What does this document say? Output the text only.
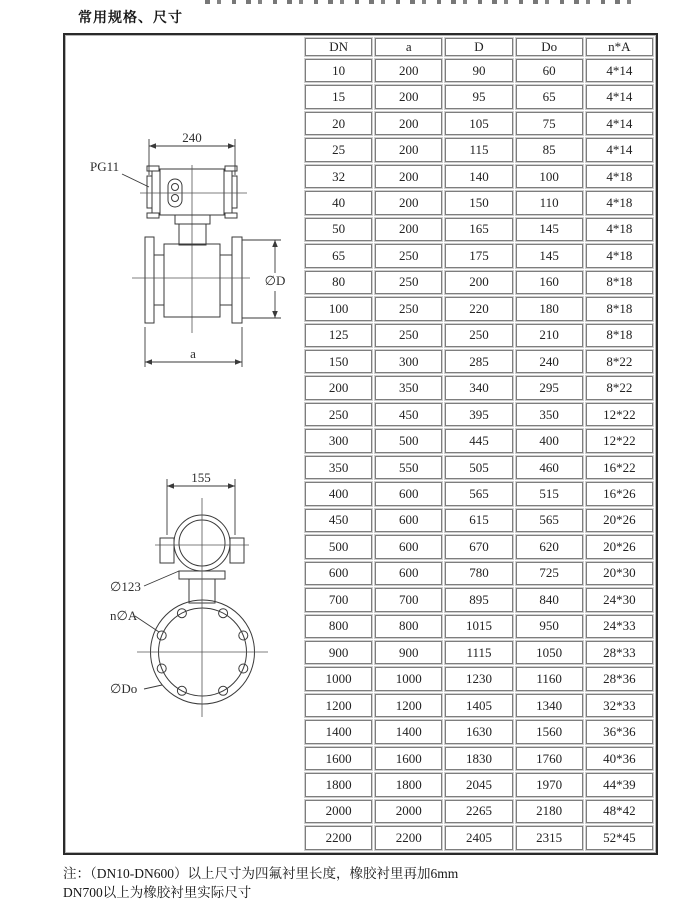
常用规格、尺寸
240
PG11
∅D
a
155
∅123
n∅A
∅Do
DN	a	D	Do	n*A
10	200	90	60	4*14
15	200	95	65	4*14
20	200	105	75	4*14
25	200	115	85	4*14
32	200	140	100	4*18
40	200	150	110	4*18
50	200	165	145	4*18
65	250	175	145	4*18
80	250	200	160	8*18
100	250	220	180	8*18
125	250	250	210	8*18
150	300	285	240	8*22
200	350	340	295	8*22
250	450	395	350	12*22
300	500	445	400	12*22
350	550	505	460	16*22
400	600	565	515	16*26
450	600	615	565	20*26
500	600	670	620	20*26
600	600	780	725	20*30
700	700	895	840	24*30
800	800	1015	950	24*33
900	900	1115	1050	28*33
1000	1000	1230	1160	28*36
1200	1200	1405	1340	32*33
1400	1400	1630	1560	36*36
1600	1600	1830	1760	40*36
1800	1800	2045	1970	44*39
2000	2000	2265	2180	48*42
2200	2200	2405	2315	52*45
注：（DN10-DN600）以上尺寸为四氟衬里长度，橡胶衬里再加6mm
DN700以上为橡胶衬里实际尺寸
